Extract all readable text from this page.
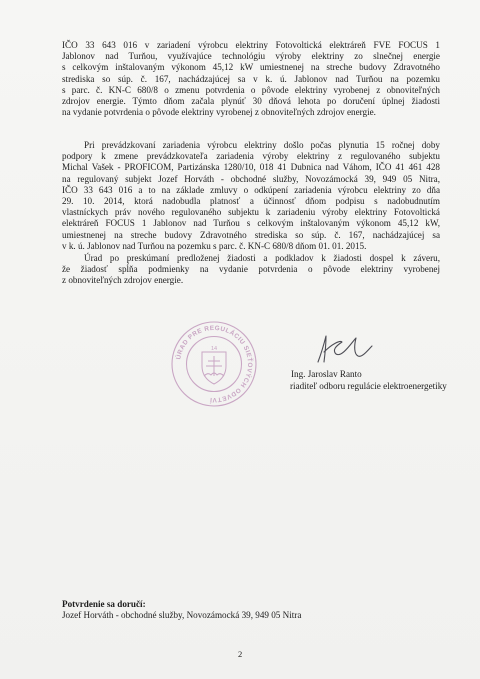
IČO 33 643 016 v zariadení výrobcu elektriny Fotovoltická elektráreň FVE FOCUS 1
Jablonov nad Turňou, využívajúce technológiu výroby elektriny zo slnečnej energie
s celkovým inštalovaným výkonom 45,12 kW umiestnenej na streche budovy Zdravotného
strediska so súp. č. 167, nachádzajúcej sa v k. ú. Jablonov nad Turňou na pozemku
s parc. č. KN-C 680/8 o zmenu potvrdenia o pôvode elektriny vyrobenej z obnoviteľných
zdrojov energie. Týmto dňom začala plynúť 30 dňová lehota po doručení úplnej žiadosti
na vydanie potvrdenia o pôvode elektriny vyrobenej z obnoviteľných zdrojov energie.

Pri prevádzkovaní zariadenia výrobcu elektriny došlo počas plynutia 15 ročnej doby
podpory k zmene prevádzkovateľa zariadenia výroby elektriny z regulovaného subjektu
Michal Vašek - PROFICOM, Partizánska 1280/10, 018 41 Dubnica nad Váhom, IČO 41 461 428
na regulovaný subjekt Jozef Horváth - obchodné služby, Novozámocká 39, 949 05 Nitra,
IČO 33 643 016 a to na základe zmluvy o odkúpení zariadenia výrobcu elektriny zo dňa
29. 10. 2014, ktorá nadobudla platnosť a účinnosť dňom podpisu s nadobudnutím
vlastníckych práv nového regulovaného subjektu k zariadeniu výroby elektriny Fotovoltická
elektráreň FOCUS 1 Jablonov nad Turňou s celkovým inštalovaným výkonom 45,12 kW,
umiestnenej na streche budovy Zdravotného strediska so súp. č. 167, nachádzajúcej sa
v k. ú. Jablonov nad Turňou na pozemku s parc. č. KN-C 680/8 dňom 01. 01. 2015.

Úrad po preskúmaní predloženej žiadosti a podkladov k žiadosti dospel k záveru,
že žiadosť spĺňa podmienky na vydanie potvrdenia o pôvode elektriny vyrobenej
z obnoviteľných zdrojov energie.

ÚRAD PRE REGULÁCIU SIEŤOVÝCH ODVETVÍ
14
Ing. Jaroslav Ranto
riaditeľ odboru regulácie elektroenergetiky
Potvrdenie sa doručí:
Jozef Horváth - obchodné služby, Novozámocká 39, 949 05 Nitra
2
